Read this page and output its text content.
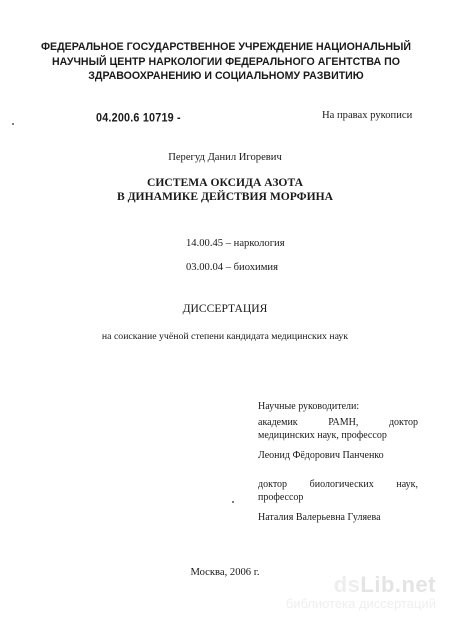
ФЕДЕРАЛЬНОЕ ГОСУДАРСТВЕННОЕ УЧРЕЖДЕНИЕ НАЦИОНАЛЬНЫЙ
НАУЧНЫЙ ЦЕНТР НАРКОЛОГИИ ФЕДЕРАЛЬНОГО АГЕНТСТВА ПО
ЗДРАВООХРАНЕНИЮ И СОЦИАЛЬНОМУ РАЗВИТИЮ
04.200.6 10719 -	На правах рукописи
Перегуд Данил Игоревич
СИСТЕМА ОКСИДА АЗОТА
В ДИНАМИКЕ ДЕЙСТВИЯ МОРФИНА
14.00.45 – наркология
03.00.04 – биохимия
ДИССЕРТАЦИЯ
на соискание учёной степени кандидата медицинских наук
Научные руководители:
академик	РАМН,	доктор
медицинских наук, профессор
Леонид Фёдорович Панченко
доктор биологических наук,
профессор
Наталия Валерьевна Гуляева
Москва, 2006 г.	dsLib.net
библиотека диссертаций
